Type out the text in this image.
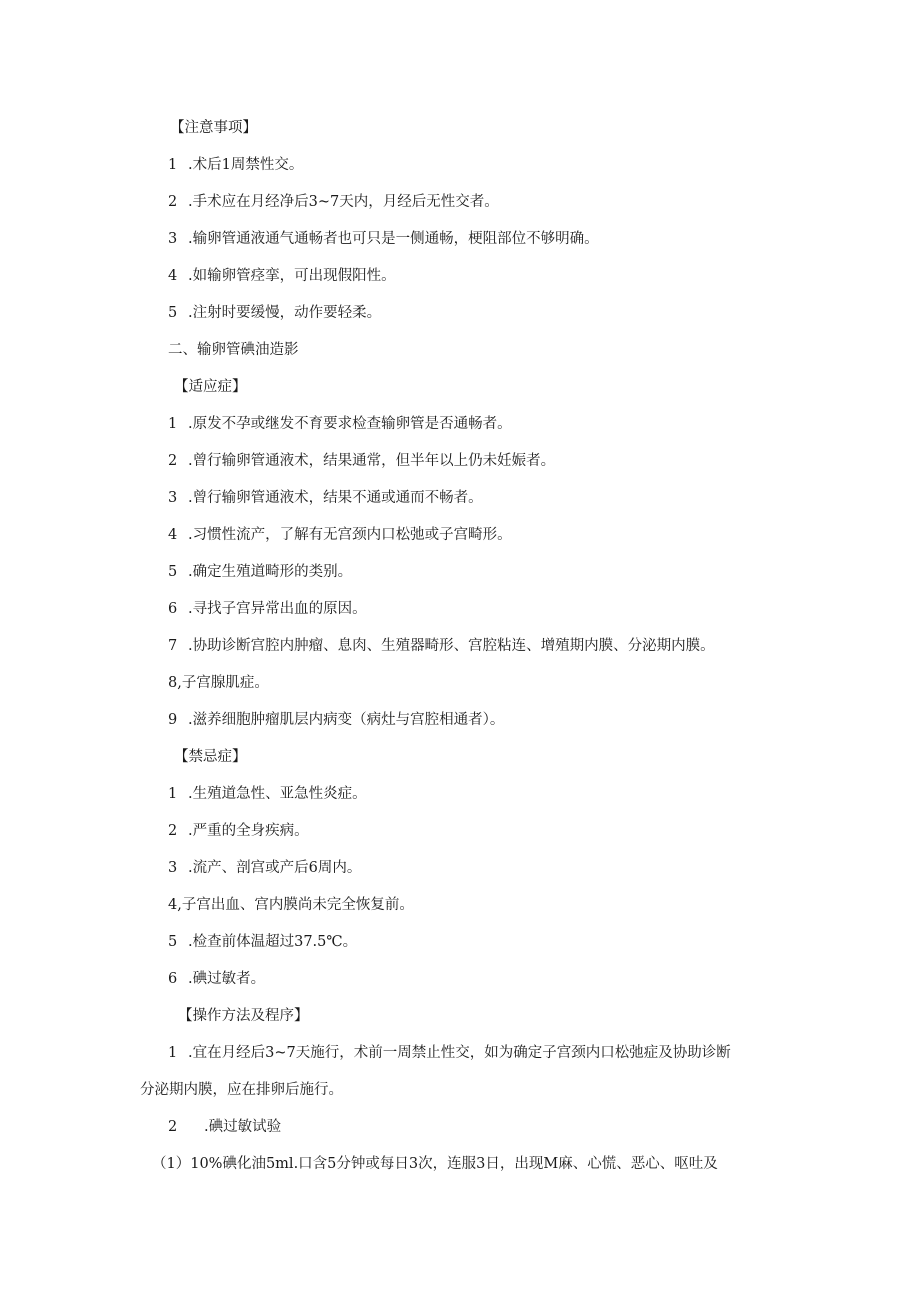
【注意事项】
1 .术后1周禁性交。
2 .手术应在月经净后3~7天内，月经后无性交者。
3 .输卵管通液通气通畅者也可只是一侧通畅，梗阻部位不够明确。
4 .如输卵管痉挛，可出现假阳性。
5 .注射时要缓慢，动作要轻柔。
二、输卵管碘油造影
【适应症】
1 .原发不孕或继发不育要求检查输卵管是否通畅者。
2 .曾行输卵管通液术，结果通常，但半年以上仍未妊娠者。
3 .曾行输卵管通液术，结果不通或通而不畅者。
4 .习惯性流产，了解有无宫颈内口松弛或子宫畸形。
5 .确定生殖道畸形的类别。
6 .寻找子宫异常出血的原因。
7 .协助诊断宫腔内肿瘤、息肉、生殖器畸形、宫腔粘连、增殖期内膜、分泌期内膜。
8,子宫腺肌症。
9 .滋养细胞肿瘤肌层内病变（病灶与宫腔相通者）。
【禁忌症】
1 .生殖道急性、亚急性炎症。
2 .严重的全身疾病。
3 .流产、剖宫或产后6周内。
4,子宫出血、宫内膜尚未完全恢复前。
5 .检查前体温超过37.5℃。
6 .碘过敏者。
【操作方法及程序】
1 .宜在月经后3~7天施行，术前一周禁止性交，如为确定子宫颈内口松弛症及协助诊断
分泌期内膜，应在排卵后施行。
2 .碘过敏试验
（1）10%碘化油5ml.口含5分钟或每日3次，连服3日，出现M麻、心慌、恶心、呕吐及
